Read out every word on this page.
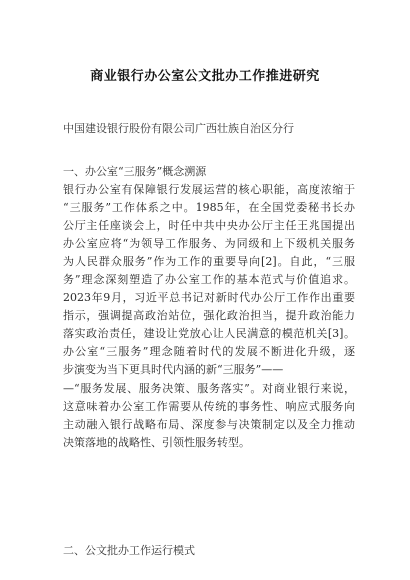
商业银行办公室公文批办工作推进研究
中国建设银行股份有限公司广西壮族自治区分行
一、办公室“三服务”概念溯源
银行办公室有保障银行发展运营的核心职能，高度浓缩于
“三服务”工作体系之中。1985年，在全国党委秘书长办
公厅主任座谈会上，时任中共中央办公厅主任王兆国提出
办公室应将“为领导工作服务、为同级和上下级机关服务
为人民群众服务”作为工作的重要导向[2]。自此，“三服
务”理念深刻塑造了办公室工作的基本范式与价值追求。
2023年9月，习近平总书记对新时代办公厅工作作出重要
指示，强调提高政治站位，强化政治担当，提升政治能力
落实政治责任，建设让党放心让人民满意的模范机关[3]。
办公室“三服务”理念随着时代的发展不断进化升级，逐
步演变为当下更具时代内涵的新“三服务”——
—“服务发展、服务决策、服务落实”。对商业银行来说，
这意味着办公室工作需要从传统的事务性、响应式服务向
主动融入银行战略布局、深度参与决策制定以及全力推动
决策落地的战略性、引领性服务转型。
二、公文批办工作运行模式
